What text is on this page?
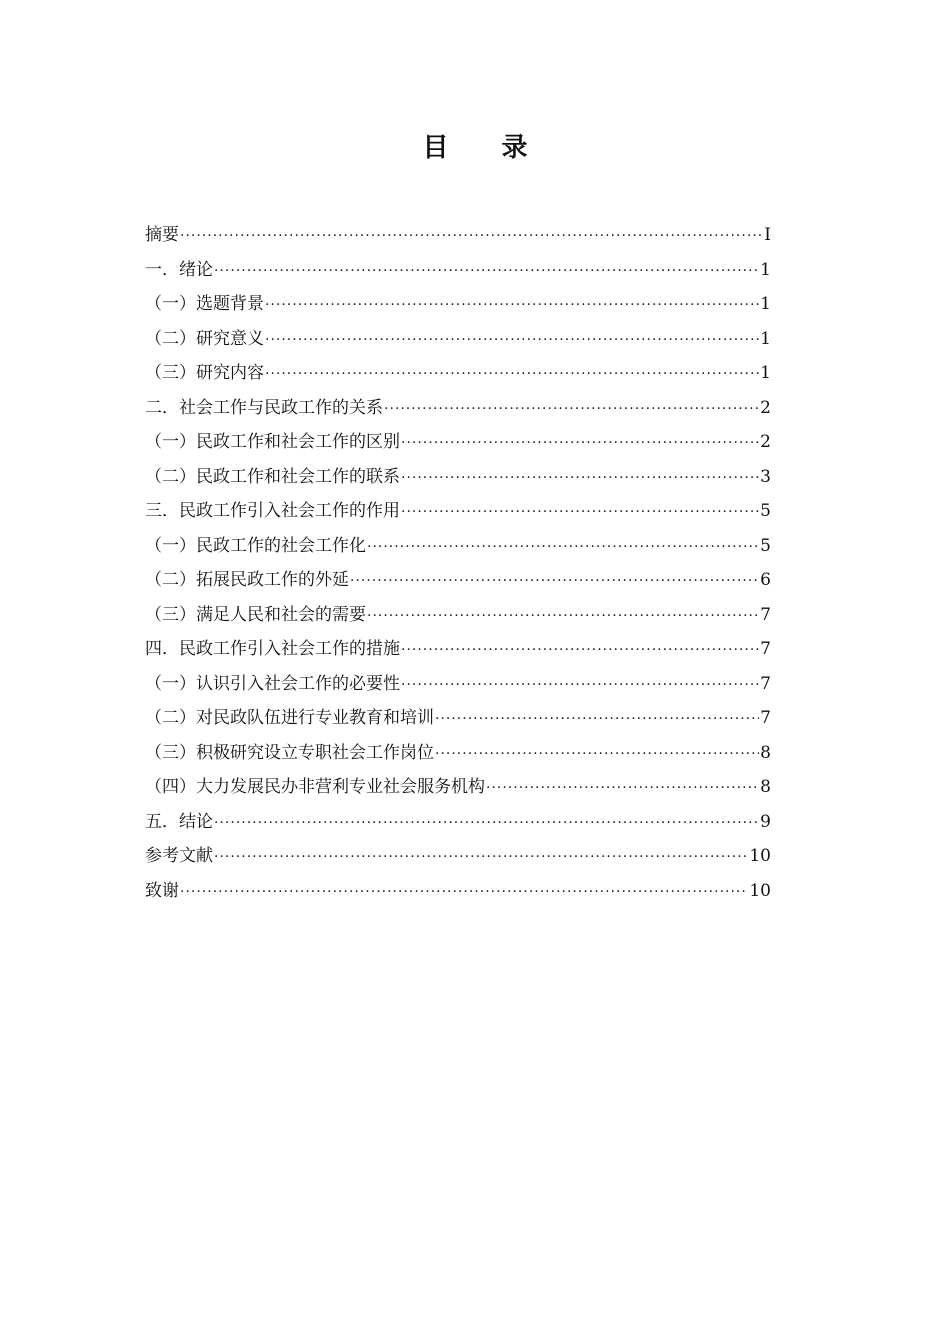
目 录
摘要 ·····	I
一．绪论 ·····	1
（一）选题背景 ·····	1
（二）研究意义 ·····	1
（三）研究内容 ·····	1
二．社会工作与民政工作的关系 ·····	2
（一）民政工作和社会工作的区别 ·····	2
（二）民政工作和社会工作的联系 ·····	3
三．民政工作引入社会工作的作用 ·····	5
（一）民政工作的社会工作化 ·····	5
（二）拓展民政工作的外延 ·····	6
（三）满足人民和社会的需要 ·····	7
四．民政工作引入社会工作的措施 ·····	7
（一）认识引入社会工作的必要性 ·····	7
（二）对民政队伍进行专业教育和培训 ·····	7
（三）积极研究设立专职社会工作岗位 ·····	8
（四）大力发展民办非营利专业社会服务机构 ·····	8
五．结论 ·····	9
参考文献 ·····	10
致谢 ·····	10
